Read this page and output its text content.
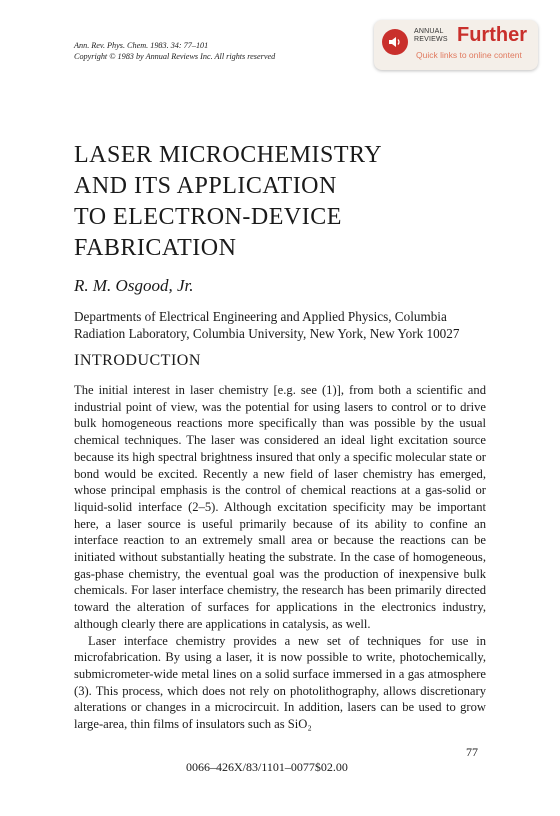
Ann. Rev. Phys. Chem. 1983. 34: 77–101
Copyright © 1983 by Annual Reviews Inc. All rights reserved
ANNUAL
REVIEWS Further
Quick links to online content
LASER MICROCHEMISTRY
AND ITS APPLICATION
TO ELECTRON-DEVICE
FABRICATION
R. M. Osgood, Jr.
Departments of Electrical Engineering and Applied Physics, Columbia
Radiation Laboratory, Columbia University, New York, New York 10027
INTRODUCTION

The initial interest in laser chemistry [e.g. see (1)], from both a scientific and industrial point of view, was the potential for using lasers to control or to drive bulk homogeneous reactions more specifically than was possible by the usual chemical techniques. The laser was considered an ideal light excitation source because its high spectral brightness insured that only a specific molecular state or bond would be excited. Recently a new field of laser chemistry has emerged, whose principal emphasis is the control of chemical reactions at a gas-solid or liquid-solid interface (2–5). Although excitation specificity may be important here, a laser source is useful primarily because of its ability to confine an interface reaction to an extremely small area or because the reactions can be initiated without substantially heating the substrate. In the case of homogeneous, gas-phase chemistry, the eventual goal was the production of inexpensive bulk chemicals. For laser interface chemistry, the research has been primarily directed toward the alteration of surfaces for applications in the electronics industry, although clearly there are applications in catalysis, as well.

Laser interface chemistry provides a new set of techniques for use in microfabrication. By using a laser, it is now possible to write, photochemically, submicrometer-wide metal lines on a solid surface immersed in a gas atmosphere (3). This process, which does not rely on photolithography, allows discretionary alterations or changes in a microcircuit. In addition, lasers can be used to grow large-area, thin films of insulators such as SiO₂

77
0066–426X/83/1101–0077$02.00
